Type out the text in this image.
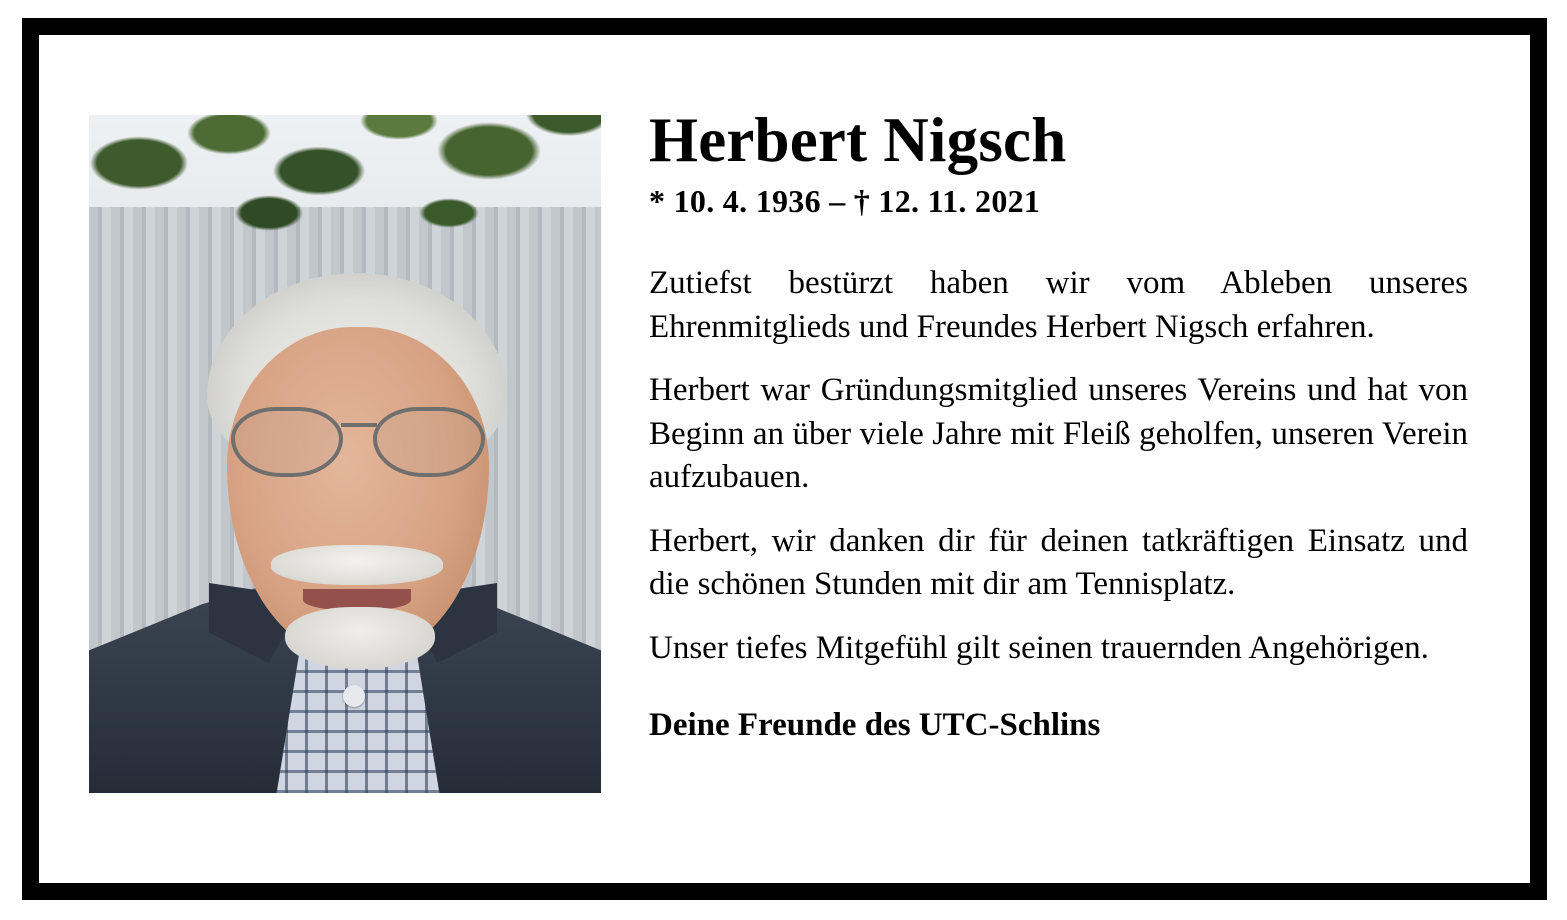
Herbert Nigsch
* 10. 4. 1936 – † 12. 11. 2021

Zutiefst bestürzt haben wir vom Ableben unseres Ehrenmitglieds und Freundes Herbert Nigsch erfahren.

Herbert war Gründungsmitglied unseres Vereins und hat von Beginn an über viele Jahre mit Fleiß geholfen, unseren Verein aufzubauen.

Herbert, wir danken dir für deinen tatkräftigen Einsatz und die schönen Stunden mit dir am Tennisplatz.

Unser tiefes Mitgefühl gilt seinen trauernden Angehörigen.

Deine Freunde des UTC-Schlins
